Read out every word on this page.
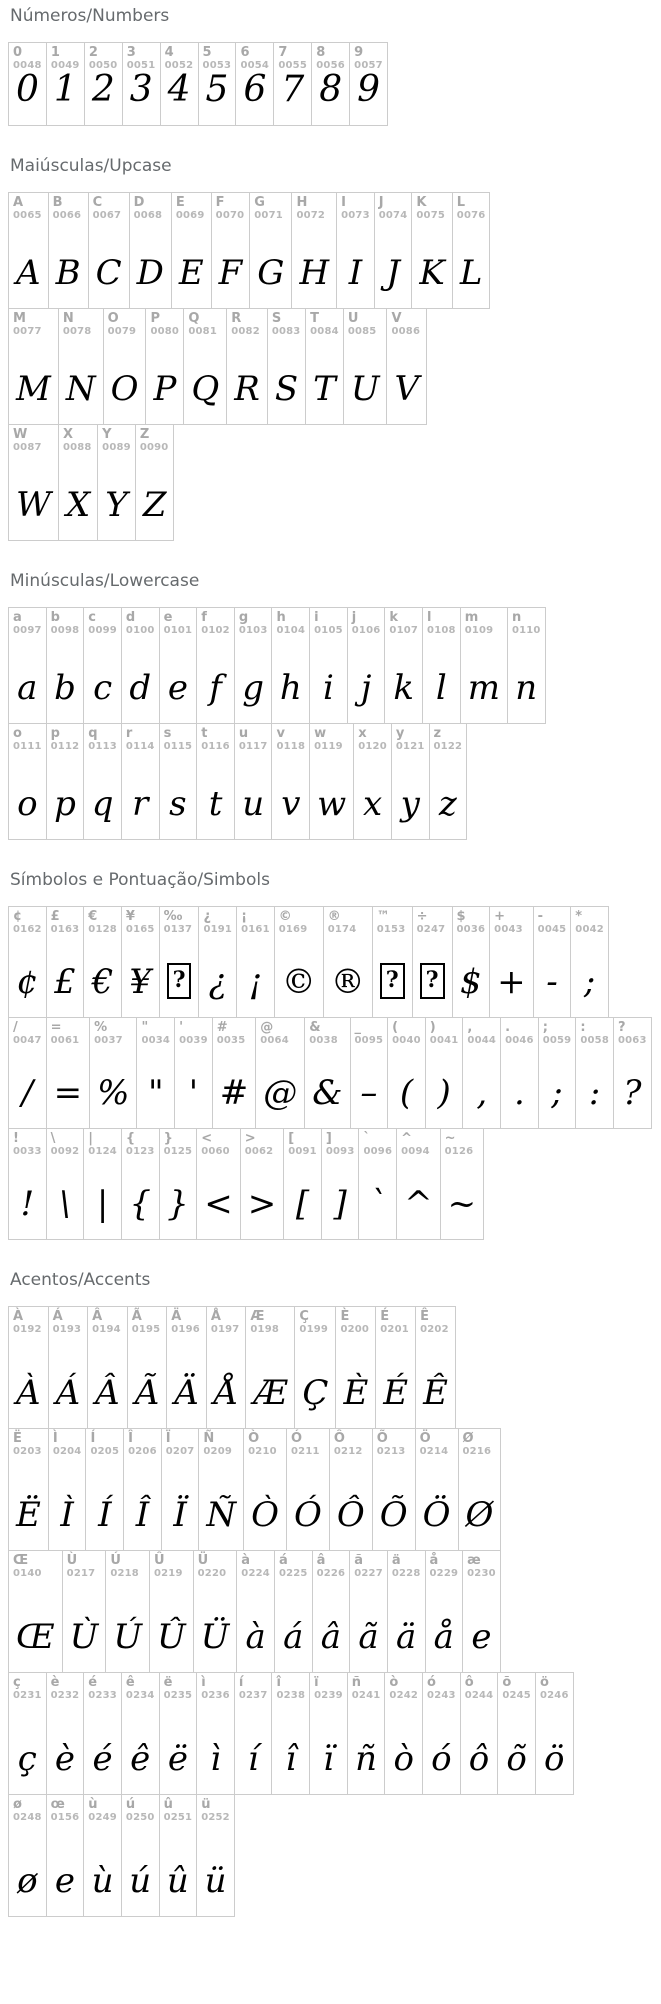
Números/Numbers
0
0048
0
1
0049
1
2
0050
2
3
0051
3
4
0052
4
5
0053
5
6
0054
6
7
0055
7
8
0056
8
9
0057
9
Maiúsculas/Upcase
A
0065
A
B
0066
B
C
0067
C
D
0068
D
E
0069
E
F
0070
F
G
0071
G
H
0072
H
I
0073
I
J
0074
J
K
0075
K
L
0076
L
M
0077
M
N
0078
N
O
0079
O
P
0080
P
Q
0081
Q
R
0082
R
S
0083
S
T
0084
T
U
0085
U
V
0086
V
W
0087
W
X
0088
X
Y
0089
Y
Z
0090
Z
Minúsculas/Lowercase
a
0097
a
b
0098
b
c
0099
c
d
0100
d
e
0101
e
f
0102
f
g
0103
g
h
0104
h
i
0105
i
j
0106
j
k
0107
k
l
0108
l
m
0109
m
n
0110
n
o
0111
o
p
0112
p
q
0113
q
r
0114
r
s
0115
s
t
0116
t
u
0117
u
v
0118
v
w
0119
w
x
0120
x
y
0121
y
z
0122
z
Símbolos e Pontuação/Simbols
¢
0162
¢
£
0163
£
€
0128
€
¥
0165
¥
‰
0137
?
¿
0191
¿
¡
0161
¡
©
0169
©
®
0174
®
™
0153
?
÷
0247
?
$
0036
$
+
0043
+
-
0045
-
*
0042
;
/
0047
/
=
0061
=
%
0037
%
"
0034
"
'
0039
'
#
0035
#
@
0064
@
&
0038
&
_
0095
–
(
0040
(
)
0041
)
,
0044
,
.
0046
.
;
0059
;
:
0058
:
?
0063
?
!
0033
!
\
0092
\
|
0124
|
{
0123
{
}
0125
}
<
0060
<
>
0062
>
[
0091
[
]
0093
]
`
0096
`
^
0094
^
~
0126
~
Acentos/Accents
À
0192
À
Á
0193
Á
Â
0194
Â
Ã
0195
Ã
Ä
0196
Ä
Å
0197
Å
Æ
0198
Æ
Ç
0199
Ç
È
0200
È
É
0201
É
Ê
0202
Ê
Ë
0203
Ë
Ì
0204
Ì
Í
0205
Í
Î
0206
Î
Ï
0207
Ï
Ñ
0209
Ñ
Ò
0210
Ò
Ó
0211
Ó
Ô
0212
Ô
Õ
0213
Õ
Ö
0214
Ö
Ø
0216
Ø
Œ
0140
Œ
Ù
0217
Ù
Ú
0218
Ú
Û
0219
Û
Ü
0220
Ü
à
0224
à
á
0225
á
â
0226
â
ã
0227
ã
ä
0228
ä
å
0229
å
æ
0230
e
ç
0231
ç
è
0232
è
é
0233
é
ê
0234
ê
ë
0235
ë
ì
0236
ì
í
0237
í
î
0238
î
ï
0239
ï
ñ
0241
ñ
ò
0242
ò
ó
0243
ó
ô
0244
ô
õ
0245
õ
ö
0246
ö
ø
0248
ø
œ
0156
e
ù
0249
ù
ú
0250
ú
û
0251
û
ü
0252
ü
